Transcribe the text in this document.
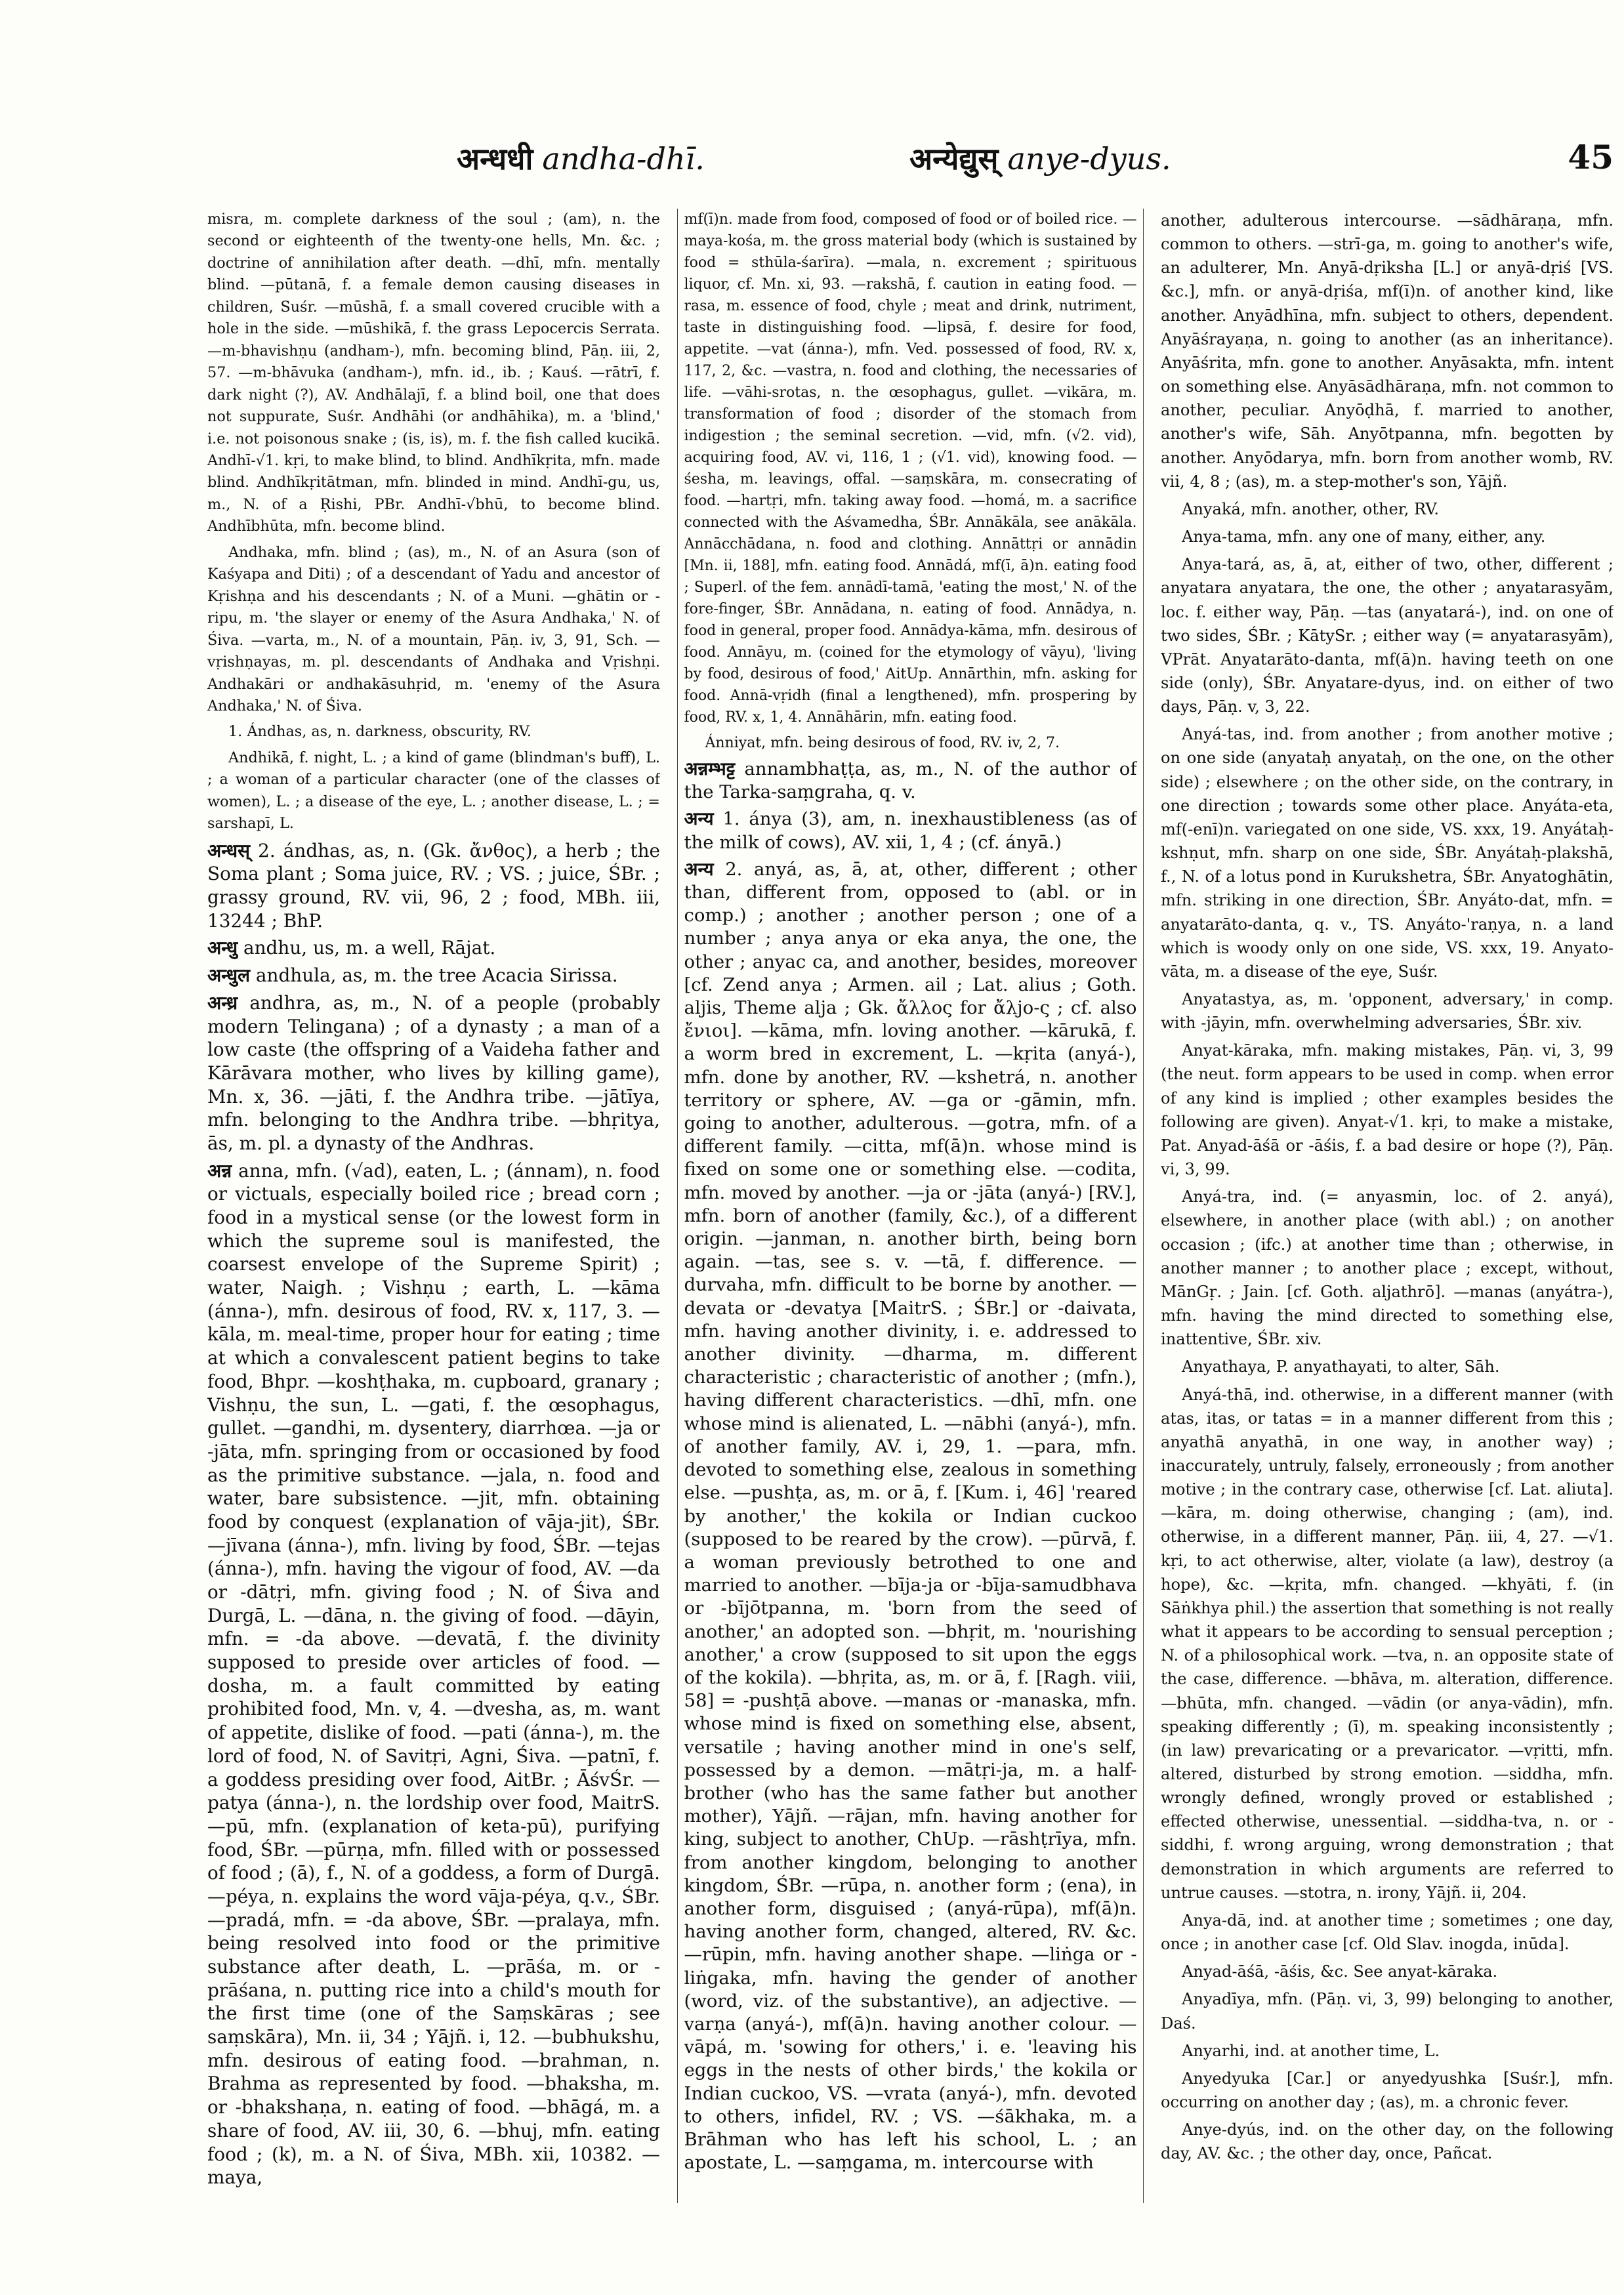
अन्धधी andha-dhī.	अन्येद्युस् anye-dyus.	45

misra, m. complete darkness of the soul ; (am), n. the second or eighteenth of the twenty-one hells, Mn. &c. ; doctrine of annihilation after death. —dhī, mfn. mentally blind. —pūtanā, f. a female demon causing diseases in children, Suśr. —mūshā, f. a small covered crucible with a hole in the side. —mūshikā, f. the grass Lepocercis Serrata. —m-bhavishṇu (andham-), mfn. becoming blind, Pāṇ. iii, 2, 57. —m-bhāvuka (andham-), mfn. id., ib. ; Kauś. —rātrī, f. dark night (?), AV. Andhālajī, f. a blind boil, one that does not suppurate, Suśr. Andhāhi (or andhāhika), m. a 'blind,' i.e. not poisonous snake ; (is, is), m. f. the fish called kucikā. Andhī-√1. kṛi, to make blind, to blind. Andhīkṛita, mfn. made blind. Andhīkṛitātman, mfn. blinded in mind. Andhī-gu, us, m., N. of a Ṛishi, PBr. Andhī-√bhū, to become blind. Andhībhūta, mfn. become blind.

Andhaka, mfn. blind ; (as), m., N. of an Asura (son of Kaśyapa and Diti) ; of a descendant of Yadu and ancestor of Kṛishṇa and his descendants ; N. of a Muni. —ghātin or -ripu, m. 'the slayer or enemy of the Asura Andhaka,' N. of Śiva. —varta, m., N. of a mountain, Pāṇ. iv, 3, 91, Sch. —vṛishṇayas, m. pl. descendants of Andhaka and Vṛishṇi. Andhakāri or andhakāsuhṛid, m. 'enemy of the Asura Andhaka,' N. of Śiva.

1. Ándhas, as, n. darkness, obscurity, RV.

Andhikā, f. night, L. ; a kind of game (blindman's buff), L. ; a woman of a particular character (one of the classes of women), L. ; a disease of the eye, L. ; another disease, L. ; = sarshapī, L.

अन्धस् 2. ándhas, as, n. (Gk. ἄνθος), a herb ; the Soma plant ; Soma juice, RV. ; VS. ; juice, ŚBr. ; grassy ground, RV. vii, 96, 2 ; food, MBh. iii, 13244 ; BhP.

अन्धु andhu, us, m. a well, Rājat.

अन्धुल andhula, as, m. the tree Acacia Sirissa.

अन्ध्र andhra, as, m., N. of a people (probably modern Telingana) ; of a dynasty ; a man of a low caste (the offspring of a Vaideha father and Kārāvara mother, who lives by killing game), Mn. x, 36. —jāti, f. the Andhra tribe. —jātīya, mfn. belonging to the Andhra tribe. —bhṛitya, ās, m. pl. a dynasty of the Andhras.

अन्न anna, mfn. (√ad), eaten, L. ; (ánnam), n. food or victuals, especially boiled rice ; bread corn ; food in a mystical sense (or the lowest form in which the supreme soul is manifested, the coarsest envelope of the Supreme Spirit) ; water, Naigh. ; Vishṇu ; earth, L. —kāma (ánna-), mfn. desirous of food, RV. x, 117, 3. —kāla, m. meal-time, proper hour for eating ; time at which a convalescent patient begins to take food, Bhpr. —koshṭhaka, m. cupboard, granary ; Vishṇu, the sun, L. —gati, f. the œsophagus, gullet. —gandhi, m. dysentery, diarrhœa. —ja or -jāta, mfn. springing from or occasioned by food as the primitive substance. —jala, n. food and water, bare subsistence. —jit, mfn. obtaining food by conquest (explanation of vāja-jit), ŚBr. —jīvana (ánna-), mfn. living by food, ŚBr. —tejas (ánna-), mfn. having the vigour of food, AV. —da or -dātṛi, mfn. giving food ; N. of Śiva and Durgā, L. —dāna, n. the giving of food. —dāyin, mfn. = -da above. —devatā, f. the divinity supposed to preside over articles of food. —dosha, m. a fault committed by eating prohibited food, Mn. v, 4. —dvesha, as, m. want of appetite, dislike of food. —pati (ánna-), m. the lord of food, N. of Savitṛi, Agni, Śiva. —patnī, f. a goddess presiding over food, AitBr. ; ĀśvŚr. —patya (ánna-), n. the lordship over food, MaitrS. —pū, mfn. (explanation of keta-pū), purifying food, ŚBr. —pūrṇa, mfn. filled with or possessed of food ; (ā), f., N. of a goddess, a form of Durgā. —péya, n. explains the word vāja-péya, q.v., ŚBr. —pradá, mfn. = -da above, ŚBr. —pralaya, mfn. being resolved into food or the primitive substance after death, L. —prāśa, m. or -prāśana, n. putting rice into a child's mouth for the first time (one of the Saṃskāras ; see saṃskāra), Mn. ii, 34 ; Yājñ. i, 12. —bubhukshu, mfn. desirous of eating food. —brahman, n. Brahma as represented by food. —bhaksha, m. or -bhakshaṇa, n. eating of food. —bhāgá, m. a share of food, AV. iii, 30, 6. —bhuj, mfn. eating food ; (k), m. a N. of Śiva, MBh. xii, 10382. —maya,

mf(ī)n. made from food, composed of food or of boiled rice. —maya-kośa, m. the gross material body (which is sustained by food = sthūla-śarīra). —mala, n. excrement ; spirituous liquor, cf. Mn. xi, 93. —rakshā, f. caution in eating food. —rasa, m. essence of food, chyle ; meat and drink, nutriment, taste in distinguishing food. —lipsā, f. desire for food, appetite. —vat (ánna-), mfn. Ved. possessed of food, RV. x, 117, 2, &c. —vastra, n. food and clothing, the necessaries of life. —vāhi-srotas, n. the œsophagus, gullet. —vikāra, m. transformation of food ; disorder of the stomach from indigestion ; the seminal secretion. —vid, mfn. (√2. vid), acquiring food, AV. vi, 116, 1 ; (√1. vid), knowing food. —śesha, m. leavings, offal. —saṃskāra, m. consecrating of food. —hartṛi, mfn. taking away food. —homá, m. a sacrifice connected with the Aśvamedha, ŚBr. Annākāla, see anākāla. Annācchādana, n. food and clothing. Annāttṛi or annādin [Mn. ii, 188], mfn. eating food. Annādá, mf(ī, ā)n. eating food ; Superl. of the fem. annādī-tamā, 'eating the most,' N. of the fore-finger, ŚBr. Annādana, n. eating of food. Annādya, n. food in general, proper food. Annādya-kāma, mfn. desirous of food. Annāyu, m. (coined for the etymology of vāyu), 'living by food, desirous of food,' AitUp. Annārthin, mfn. asking for food. Annā-vṛidh (final a lengthened), mfn. prospering by food, RV. x, 1, 4. Annāhārin, mfn. eating food.

Ánniyat, mfn. being desirous of food, RV. iv, 2, 7.

अन्नम्भट्ट annambhaṭṭa, as, m., N. of the author of the Tarka-saṃgraha, q. v.

अन्य 1. ánya (3), am, n. inexhaustibleness (as of the milk of cows), AV. xii, 1, 4 ; (cf. ányā.)

अन्य 2. anyá, as, ā, at, other, different ; other than, different from, opposed to (abl. or in comp.) ; another ; another person ; one of a number ; anya anya or eka anya, the one, the other ; anyac ca, and another, besides, moreover [cf. Zend anya ; Armen. ail ; Lat. alius ; Goth. aljis, Theme alja ; Gk. ἄλλος for ἄλjo-ς ; cf. also ἔνιοι]. —kāma, mfn. loving another. —kārukā, f. a worm bred in excrement, L. —kṛita (anyá-), mfn. done by another, RV. —kshetrá, n. another territory or sphere, AV. —ga or -gāmin, mfn. going to another, adulterous. —gotra, mfn. of a different family. —citta, mf(ā)n. whose mind is fixed on some one or something else. —codita, mfn. moved by another. —ja or -jāta (anyá-) [RV.], mfn. born of another (family, &c.), of a different origin. —janman, n. another birth, being born again. —tas, see s. v. —tā, f. difference. —durvaha, mfn. difficult to be borne by another. —devata or -devatya [MaitrS. ; ŚBr.] or -daivata, mfn. having another divinity, i. e. addressed to another divinity. —dharma, m. different characteristic ; characteristic of another ; (mfn.), having different characteristics. —dhī, mfn. one whose mind is alienated, L. —nābhi (anyá-), mfn. of another family, AV. i, 29, 1. —para, mfn. devoted to something else, zealous in something else. —pushṭa, as, m. or ā, f. [Kum. i, 46] 'reared by another,' the kokila or Indian cuckoo (supposed to be reared by the crow). —pūrvā, f. a woman previously betrothed to one and married to another. —bīja-ja or -bīja-samudbhava or -bījōtpanna, m. 'born from the seed of another,' an adopted son. —bhṛit, m. 'nourishing another,' a crow (supposed to sit upon the eggs of the kokila). —bhṛita, as, m. or ā, f. [Ragh. viii, 58] = -pushṭā above. —manas or -manaska, mfn. whose mind is fixed on something else, absent, versatile ; having another mind in one's self, possessed by a demon. —mātṛi-ja, m. a half-brother (who has the same father but another mother), Yājñ. —rājan, mfn. having another for king, subject to another, ChUp. —rāshṭrīya, mfn. from another kingdom, belonging to another kingdom, ŚBr. —rūpa, n. another form ; (ena), in another form, disguised ; (anyá-rūpa), mf(ā)n. having another form, changed, altered, RV. &c. —rūpin, mfn. having another shape. —liṅga or -liṅgaka, mfn. having the gender of another (word, viz. of the substantive), an adjective. —varṇa (anyá-), mf(ā)n. having another colour. —vāpá, m. 'sowing for others,' i. e. 'leaving his eggs in the nests of other birds,' the kokila or Indian cuckoo, VS. —vrata (anyá-), mfn. devoted to others, infidel, RV. ; VS. —śākhaka, m. a Brāhman who has left his school, L. ; an apostate, L. —saṃgama, m. intercourse with

another, adulterous intercourse. —sādhāraṇa, mfn. common to others. —strī-ga, m. going to another's wife, an adulterer, Mn. Anyā-dṛiksha [L.] or anyā-dṛiś [VS. &c.], mfn. or anyā-dṛiśa, mf(ī)n. of another kind, like another. Anyādhīna, mfn. subject to others, dependent. Anyāśrayaṇa, n. going to another (as an inheritance). Anyāśrita, mfn. gone to another. Anyāsakta, mfn. intent on something else. Anyāsādhāraṇa, mfn. not common to another, peculiar. Anyōḍhā, f. married to another, another's wife, Sāh. Anyōtpanna, mfn. begotten by another. Anyōdarya, mfn. born from another womb, RV. vii, 4, 8 ; (as), m. a step-mother's son, Yājñ.

Anyaká, mfn. another, other, RV.

Anya-tama, mfn. any one of many, either, any.

Anya-tará, as, ā, at, either of two, other, different ; anyatara anyatara, the one, the other ; anyatarasyām, loc. f. either way, Pāṇ. —tas (anyatará-), ind. on one of two sides, ŚBr. ; KātySr. ; either way (= anyatarasyām), VPrāt. Anyatarāto-danta, mf(ā)n. having teeth on one side (only), ŚBr. Anyatare-dyus, ind. on either of two days, Pāṇ. v, 3, 22.

Anyá-tas, ind. from another ; from another motive ; on one side (anyataḥ anyataḥ, on the one, on the other side) ; elsewhere ; on the other side, on the contrary, in one direction ; towards some other place. Anyáta-eta, mf(-enī)n. variegated on one side, VS. xxx, 19. Anyátaḥ-kshṇut, mfn. sharp on one side, ŚBr. Anyátaḥ-plakshā, f., N. of a lotus pond in Kurukshetra, ŚBr. Anyatoghātin, mfn. striking in one direction, ŚBr. Anyáto-dat, mfn. = anyatarāto-danta, q. v., TS. Anyáto-'raṇya, n. a land which is woody only on one side, VS. xxx, 19. Anyato-vāta, m. a disease of the eye, Suśr.

Anyatastya, as, m. 'opponent, adversary,' in comp. with -jāyin, mfn. overwhelming adversaries, ŚBr. xiv.

Anyat-kāraka, mfn. making mistakes, Pāṇ. vi, 3, 99 (the neut. form appears to be used in comp. when error of any kind is implied ; other examples besides the following are given). Anyat-√1. kṛi, to make a mistake, Pat. Anyad-āśā or -āśis, f. a bad desire or hope (?), Pāṇ. vi, 3, 99.

Anyá-tra, ind. (= anyasmin, loc. of 2. anyá), elsewhere, in another place (with abl.) ; on another occasion ; (ifc.) at another time than ; otherwise, in another manner ; to another place ; except, without, MānGṛ. ; Jain. [cf. Goth. aljathrō]. —manas (anyátra-), mfn. having the mind directed to something else, inattentive, ŚBr. xiv.

Anyathaya, P. anyathayati, to alter, Sāh.

Anyá-thā, ind. otherwise, in a different manner (with atas, itas, or tatas = in a manner different from this ; anyathā anyathā, in one way, in another way) ; inaccurately, untruly, falsely, erroneously ; from another motive ; in the contrary case, otherwise [cf. Lat. aliuta]. —kāra, m. doing otherwise, changing ; (am), ind. otherwise, in a different manner, Pāṇ. iii, 4, 27. —√1. kṛi, to act otherwise, alter, violate (a law), destroy (a hope), &c. —kṛita, mfn. changed. —khyāti, f. (in Sāṅkhya phil.) the assertion that something is not really what it appears to be according to sensual perception ; N. of a philosophical work. —tva, n. an opposite state of the case, difference. —bhāva, m. alteration, difference. —bhūta, mfn. changed. —vādin (or anya-vādin), mfn. speaking differently ; (ī), m. speaking inconsistently ; (in law) prevaricating or a prevaricator. —vṛitti, mfn. altered, disturbed by strong emotion. —siddha, mfn. wrongly defined, wrongly proved or established ; effected otherwise, unessential. —siddha-tva, n. or -siddhi, f. wrong arguing, wrong demonstration ; that demonstration in which arguments are referred to untrue causes. —stotra, n. irony, Yājñ. ii, 204.

Anya-dā, ind. at another time ; sometimes ; one day, once ; in another case [cf. Old Slav. inogda, inūda].

Anyad-āśā, -āśis, &c. See anyat-kāraka.

Anyadīya, mfn. (Pāṇ. vi, 3, 99) belonging to another, Daś.

Anyarhi, ind. at another time, L.

Anyedyuka [Car.] or anyedyushka [Suśr.], mfn. occurring on another day ; (as), m. a chronic fever.

Anye-dyús, ind. on the other day, on the following day, AV. &c. ; the other day, once, Pañcat.
